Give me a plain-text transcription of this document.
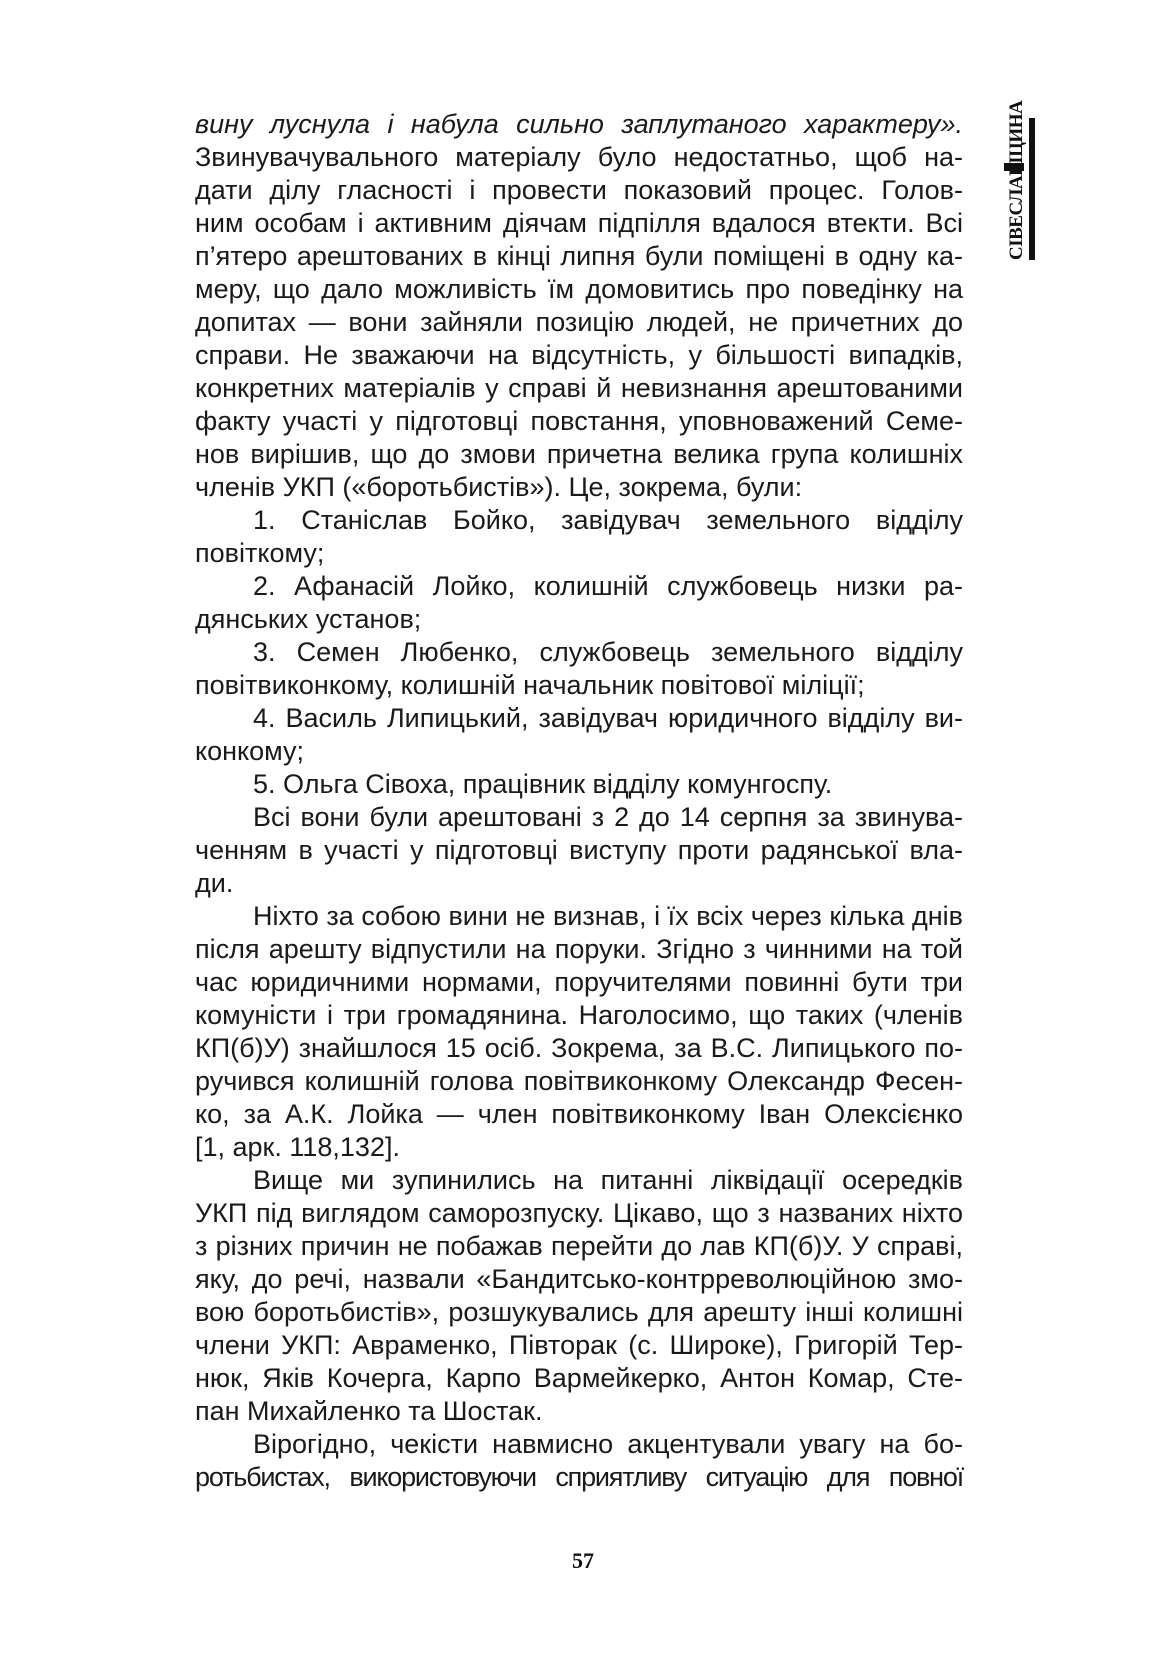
СІВЕСЛАВІЦИНА
вину луснула і набула сильно заплутаного характеру».
Звинувачувального матеріалу було недостатньо, щоб на-
дати ділу гласності і провести показовий процес. Голов-
ним особам і активним діячам підпілля вдалося втекти. Всі
п’ятеро арештованих в кінці липня були поміщені в одну ка-
меру, що дало можливість їм домовитись про поведінку на
допитах — вони зайняли позицію людей, не причетних до
справи. Не зважаючи на відсутність, у більшості випадків,
конкретних матеріалів у справі й невизнання арештованими
факту участі у підготовці повстання, уповноважений Семе-
нов вирішив, що до змови причетна велика група колишніх
членів УКП («боротьбистів»). Це, зокрема, були:
1. Станіслав Бойко, завідувач земельного відділу
повіткому;
2. Афанасій Лойко, колишній службовець низки ра-
дянських установ;
3. Семен Любенко, службовець земельного відділу
повітвиконкому, колишній начальник повітової міліції;
4. Василь Липицький, завідувач юридичного відділу ви-
конкому;
5. Ольга Сівоха, працівник відділу комунгоспу.
Всі вони були арештовані з 2 до 14 серпня за звинува-
ченням в участі у підготовці виступу проти радянської вла-
ди.
Ніхто за собою вини не визнав, і їх всіх через кілька днів
після арешту відпустили на поруки. Згідно з чинними на той
час юридичними нормами, поручителями повинні бути три
комуністи і три громадянина. Наголосимо, що таких (членів
КП(б)У) знайшлося 15 осіб. Зокрема, за В.С. Липицького по-
ручився колишній голова повітвиконкому Олександр Фесен-
ко, за А.К. Лойка — член повітвиконкому Іван Олексієнко
[1, арк. 118,132].
Вище ми зупинились на питанні ліквідації осередків
УКП під виглядом саморозпуску. Цікаво, що з названих ніхто
з різних причин не побажав перейти до лав КП(б)У. У справі,
яку, до речі, назвали «Бандитсько-контрреволюційною змо-
вою боротьбистів», розшукувались для арешту інші колишні
члени УКП: Авраменко, Півторак (с. Широке), Григорій Тер-
нюк, Яків Кочерга, Карпо Вармейкерко, Антон Комар, Сте-
пан Михайленко та Шостак.
Вірогідно, чекісти навмисно акцентували увагу на бо-
ротьбистах, використовуючи сприятливу ситуацію для повної
57
